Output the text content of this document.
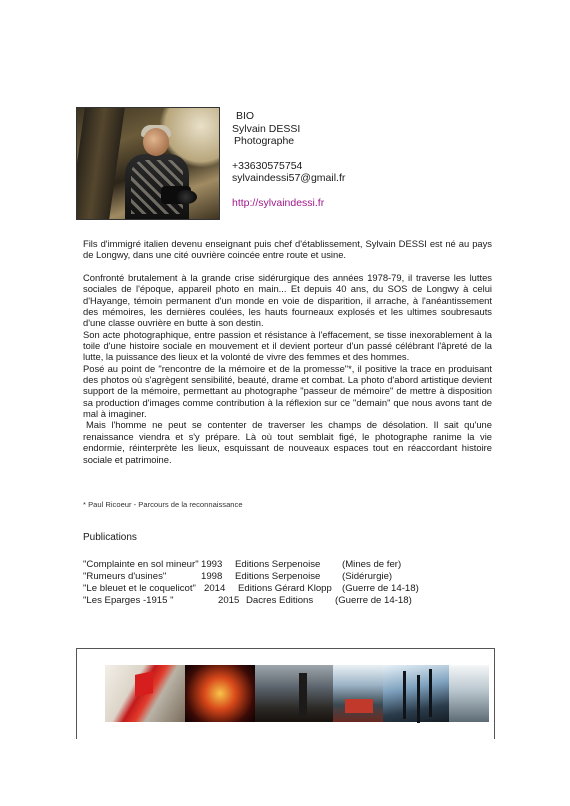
BIO
Sylvain DESSI
Photographe
+33630575754
sylvaindessi57@gmail.fr
http://sylvaindessi.fr
Fils d'immigré italien devenu enseignant puis chef d'établissement, Sylvain DESSI est né au pays de Longwy, dans une cité ouvrière coincée entre route et usine.
Confronté brutalement à la grande crise sidérurgique des années 1978-79, il traverse les luttes sociales de l'époque, appareil photo en main... Et depuis 40 ans, du SOS de Longwy à celui d'Hayange, témoin permanent d'un monde en voie de disparition, il arrache, à l'anéantissement des mémoires, les dernières coulées, les hauts fourneaux explosés et les ultimes soubresauts d'une classe ouvrière en butte à son destin.
Son acte photographique, entre passion et résistance à l'effacement, se tisse inexorablement à la toile d'une histoire sociale en mouvement et il devient porteur d'un passé célébrant l'âpreté de la lutte, la puissance des lieux et la volonté de vivre des femmes et des hommes.
Posé au point de "rencontre de la mémoire et de la promesse"*, il positive la trace en produisant des photos où s'agrègent sensibilité, beauté, drame et combat. La photo d'abord artistique devient support de la mémoire, permettant au photographe "passeur de mémoire" de mettre à disposition sa production d'images comme contribution à la réflexion sur ce "demain" que nous avons tant de mal à imaginer.
Mais l'homme ne peut se contenter de traverser les champs de désolation. Il sait qu'une renaissance viendra et s'y prépare. Là où tout semblait figé, le photographe ranime la vie endormie, réinterprète les lieux, esquissant de nouveaux espaces tout en réaccordant histoire sociale et patrimoine.
* Paul Ricoeur - Parcours de la reconnaissance
Publications
"Complainte en sol mineur" 1993 Editions Serpenoise (Mines de fer)
"Rumeurs d'usines"	1998 Editions Serpenoise (Sidérurgie)
"Le bleuet et le coquelicot" 2014 Editions Gérard Klopp (Guerre de 14-18)
"Les Eparges -1915 "	2015 Dacres Editions (Guerre de 14-18)
